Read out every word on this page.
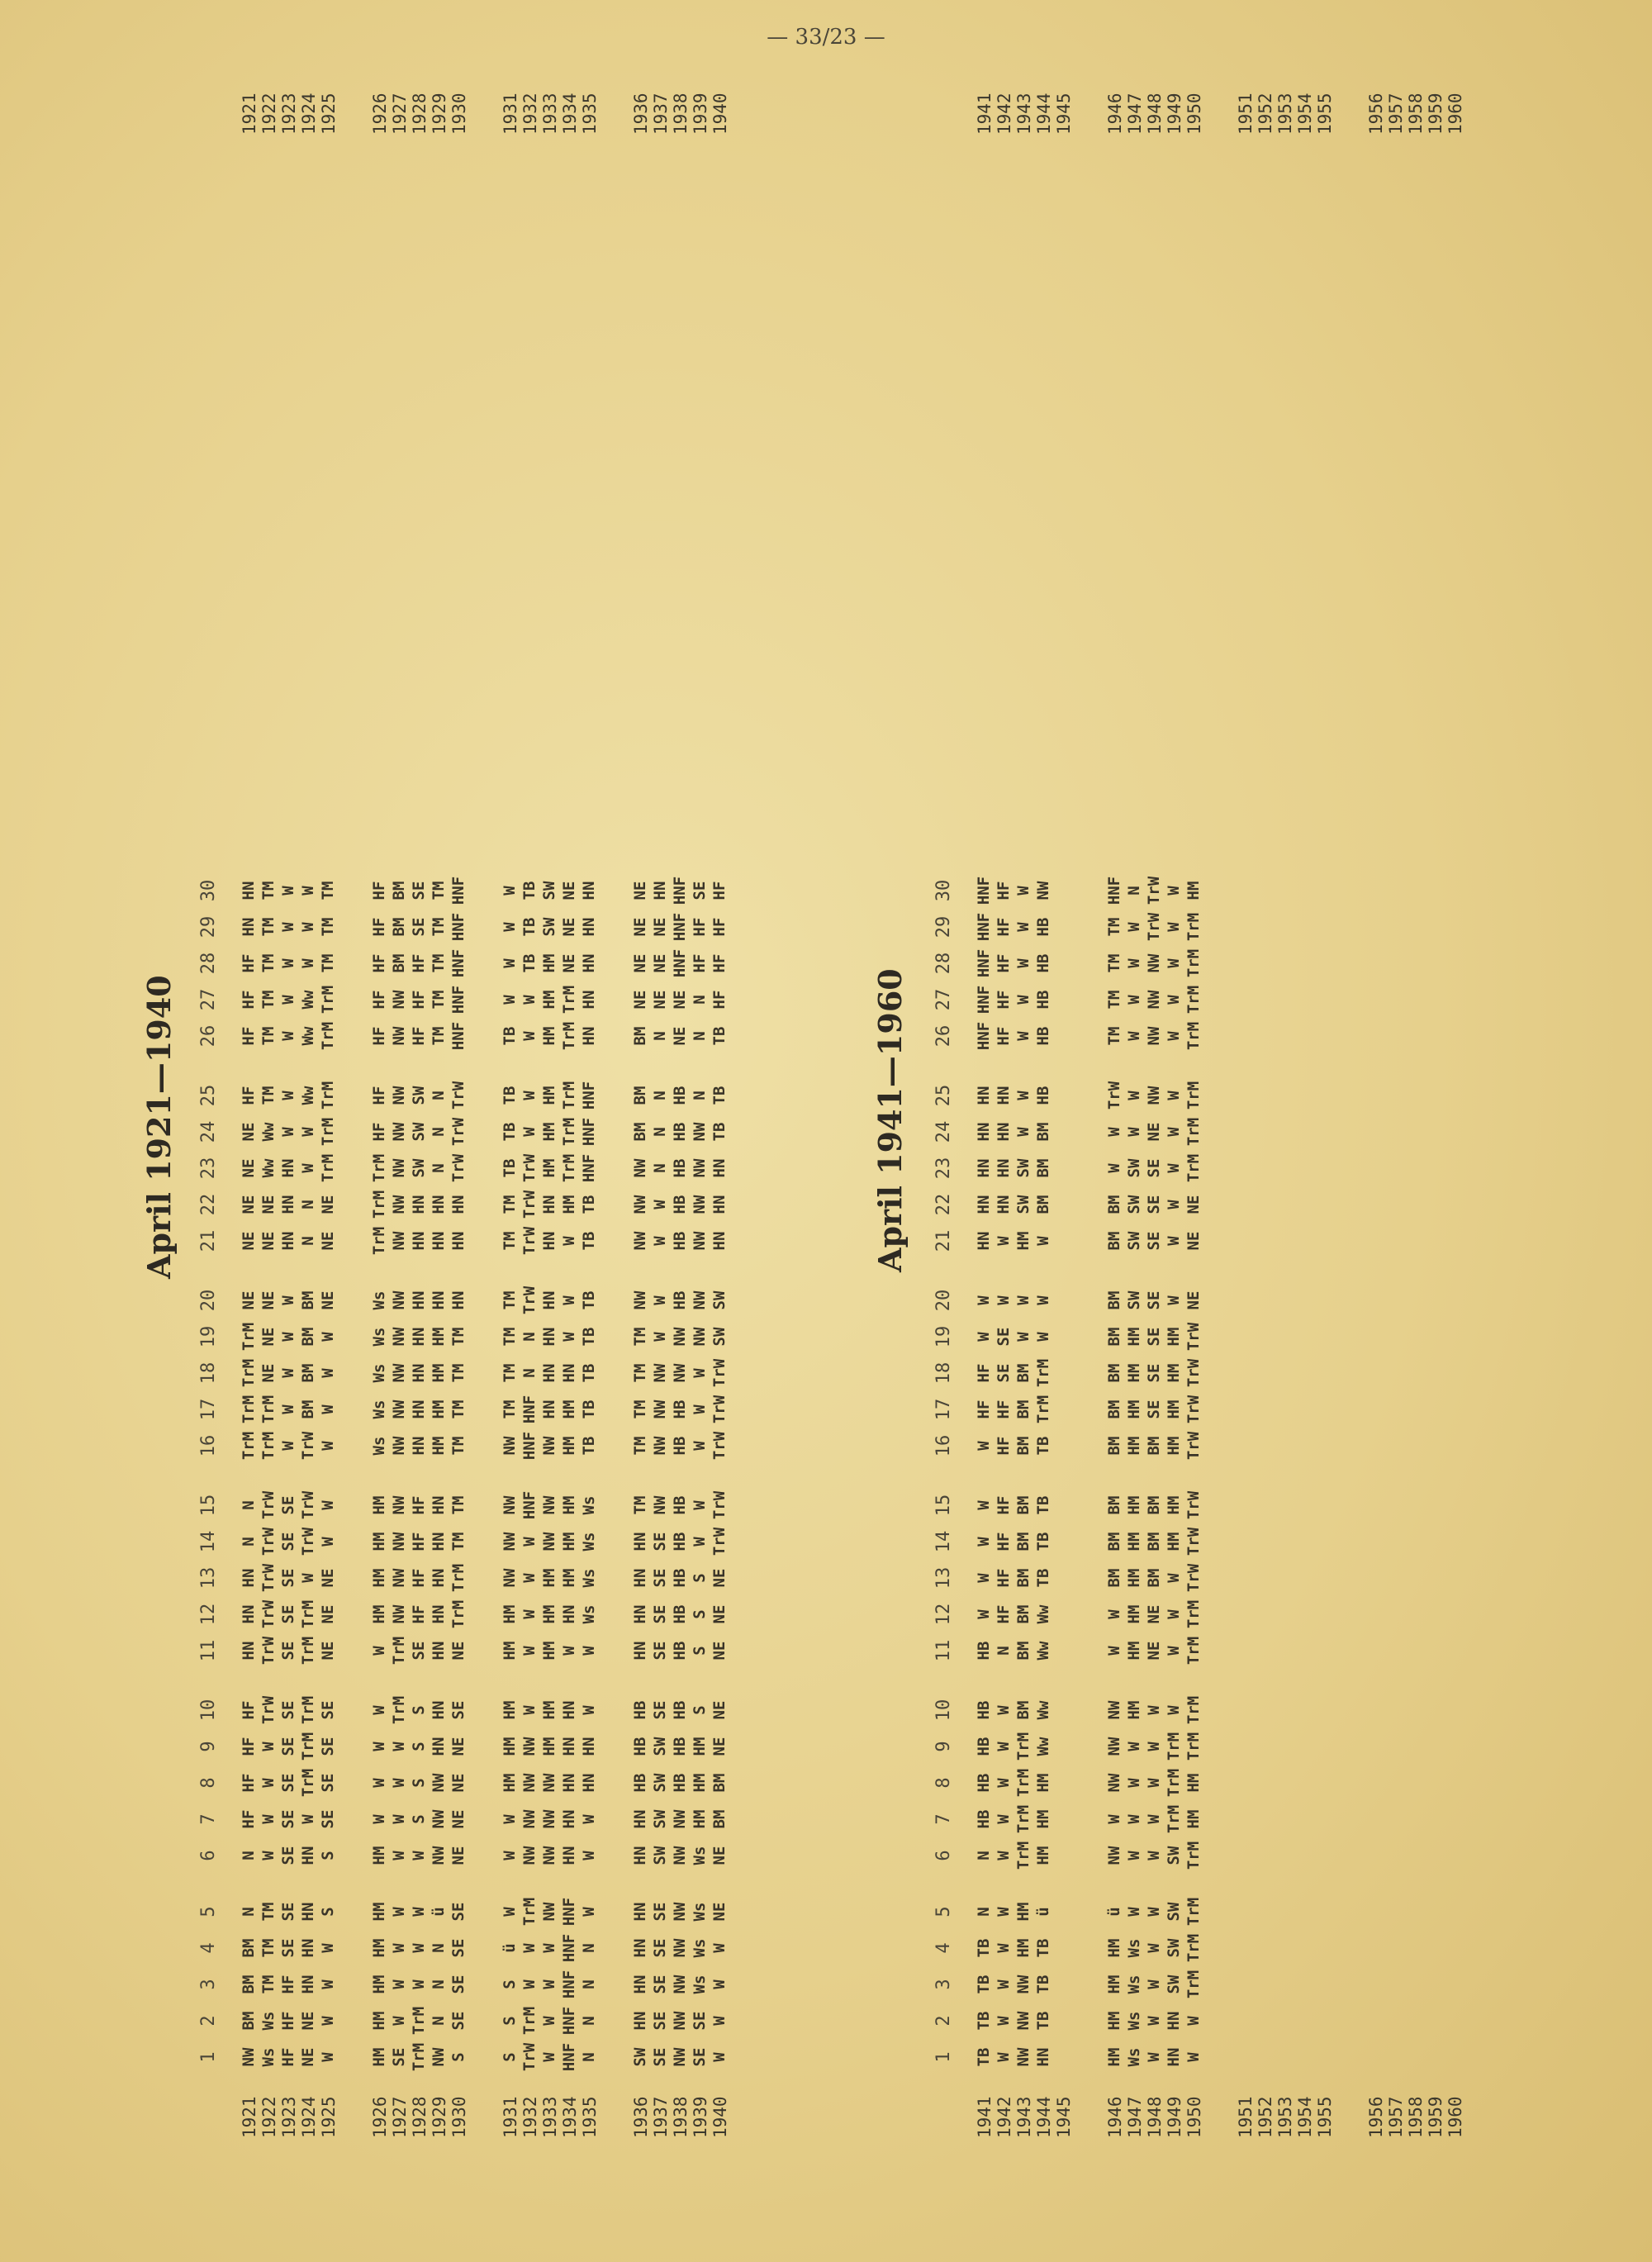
— 33/23 —
April 1921—1940	April 1941—1960
1
2
3
4
5
6
7
8
9
10
11
12
13
14
15
16
17
18
19
20
21
22
23
24
25
26
27
28
29
30
1921
NW
BM
BM
BM
N
N
HF
HF
HF
HF
HN
HN
HN
N
N
TrM
TrM
TrM
TrM
NE
NE
NE
NE
NE
HF
HF
HF
HF
HN
HN
1921
1922
Ws
Ws
TM
TM
TM
W
W
W
W
TrW
TrW
TrW
TrW
TrW
TrW
TrM
TrM
NE
NE
NE
NE
NE
Ww
Ww
TM
TM
TM
TM
TM
TM
1922
1923
HF
HF
HF
SE
SE
SE
SE
SE
SE
SE
SE
SE
SE
SE
SE
W
W
W
W
W
HN
HN
HN
W
W
W
W
W
W
W
1923
1924
NE
NE
HN
HN
HN
HN
W
TrM
TrM
TrM
TrM
TrM
W
TrW
TrW
TrW
BM
BM
BM
BM
N
N
W
W
Ww
Ww
Ww
W
W
W
1924
1925
W
W
W
W
S
S
SE
SE
SE
SE
NE
NE
NE
W
W
W
W
W
W
NE
NE
NE
TrM
TrM
TrM
TrM
TrM
TM
TM
TM
1925
1926
HM
HM
HM
HM
HM
HM
W
W
W
W
W
HM
HM
HM
HM
Ws
Ws
Ws
Ws
Ws
TrM
TrM
TrM
HF
HF
HF
HF
HF
HF
HF
1926
1927
SE
W
W
W
W
W
W
W
W
TrM
TrM
NW
NW
NW
NW
NW
NW
NW
NW
NW
NW
NW
NW
NW
NW
NW
NW
BM
BM
BM
1927
1928
TrM
TrM
W
W
W
W
S
S
S
S
SE
HF
HF
HF
HF
HN
HN
HN
HN
HN
HN
HN
SW
SW
SW
HF
HF
HF
SE
SE
1928
1929
NW
N
N
N
ü
NW
NW
NW
HN
HN
HN
HN
HN
HN
HN
HM
HM
HM
HM
HN
HN
HN
N
N
N
TM
TM
TM
TM
TM
1929
1930
S
SE
SE
SE
SE
NE
NE
NE
NE
SE
NE
TrM
TrM
TM
TM
TM
TM
TM
TM
HN
HN
HN
TrW
TrW
TrW
HNF
HNF
HNF
HNF
HNF
1930
1931
S
S
S
ü
W
W
W
HM
HM
HM
HM
HM
NW
NW
NW
NW
TM
TM
TM
TM
TM
TM
TB
TB
TB
TB
W
W
W
W
1931
1932
TrW
TrM
W
W
TrM
NW
NW
NW
NW
W
W
W
W
W
HNF
HNF
HNF
N
N
TrW
TrW
TrW
TrW
W
W
W
W
TB
TB
TB
1932
1933
W
W
W
W
NW
NW
NW
NW
HM
HM
HM
HM
HM
NW
NW
NW
HN
HN
HN
HN
HN
HN
HM
HM
HM
HM
HM
HM
SW
SW
1933
1934
HNF
HNF
HNF
HNF
HNF
HN
HN
HN
HN
HN
W
HN
HM
HM
HM
HM
HM
HN
W
W
W
HM
TrM
TrM
TrM
TrM
TrM
NE
NE
NE
1934
1935
N
N
N
N
W
W
W
HN
HN
W
W
Ws
Ws
Ws
Ws
TB
TB
TB
TB
TB
TB
TB
HNF
HNF
HNF
HN
HN
HN
HN
HN
1935
1936
SW
HN
HN
HN
HN
HN
HN
HB
HB
HB
HN
HN
HN
HN
TM
TM
TM
TM
TM
NW
NW
NW
NW
BM
BM
BM
NE
NE
NE
NE
1936
1937
SE
SE
SE
SE
SE
SW
SW
SW
SW
SE
SE
SE
SE
SE
NW
NW
NW
NW
W
W
W
W
N
N
N
N
NE
NE
NE
HN
1937
1938
NW
NW
NW
NW
NW
NW
NW
HB
HB
HB
HB
HB
HB
HB
HB
HB
HB
NW
NW
HB
HB
HB
HB
HB
HB
NE
NE
HNF
HNF
HNF
1938
1939
SE
SE
Ws
Ws
Ws
Ws
HM
HM
HM
S
S
S
S
W
W
W
W
W
NW
NW
NW
NW
NW
NW
N
N
N
HF
HF
SE
1939
1940
W
W
W
W
NE
NE
BM
BM
NE
NE
NE
NE
NE
TrW
TrW
TrW
TrW
TrW
SW
SW
HN
HN
HN
TB
TB
TB
HF
HF
HF
HF
1940
1
2
3
4
5
6
7
8
9
10
11
12
13
14
15
16
17
18
19
20
21
22
23
24
25
26
27
28
29
30
1941
TB
TB
TB
TB
N
N
HB
HB
HB
HB
HB
W
W
W
W
W
HF
HF
W
W
HN
HN
HN
HN
HN
HNF
HNF
HNF
HNF
HNF
1941
1942
W
W
W
W
W
W
W
W
W
W
N
HF
HF
HF
HF
HF
HF
SE
SE
W
W
HN
HN
HN
HN
HF
HF
HF
HF
HF
1942
1943
NW
NW
NW
HM
HM
TrM
TrM
TrM
TrM
BM
BM
BM
BM
BM
BM
BM
BM
BM
W
W
HM
SW
SW
W
W
W
W
W
W
W
1943
1944
HN
TB
TB
TB
ü
HM
HM
HM
Ww
Ww
Ww
Ww
TB
TB
TB
TB
TrM
TrM
W
W
W
BM
BM
BM
HB
HB
HB
HB
HB
NW
1944
1945
1945
1946
HM
HM
HM
HM
ü
NW
W
NW
NW
NW
W
W
BM
BM
BM
BM
BM
BM
BM
BM
BM
BM
W
W
TrW
TM
TM
TM
TM
HNF
1946
1947
Ws
Ws
Ws
Ws
W
W
W
W
W
HM
HM
HM
HM
HM
HM
HM
HM
HM
HM
SW
SW
SW
SW
W
W
W
W
W
W
N
1947
1948
W
W
W
W
W
W
W
W
W
W
NE
NE
BM
BM
BM
BM
SE
SE
SE
SE
SE
SE
SE
NE
NW
NW
NW
NW
TrW
TrW
1948
1949
HN
HN
SW
SW
SW
SW
TrM
TrM
TrM
W
W
W
W
HM
HM
HM
HM
HM
HM
W
W
W
W
W
W
W
W
W
W
W
1949
1950
W
W
TrM
TrM
TrM
TrM
HM
HM
TrM
TrM
TrM
TrM
TrW
TrW
TrW
TrW
TrW
TrW
TrW
NE
NE
NE
TrM
TrM
TrM
TrM
TrM
TrM
TrM
HM
1950
1951
1951
1952
1952
1953
1953
1954
1954
1955
1955
1956
1956
1957
1957
1958
1958
1959
1959
1960
1960
